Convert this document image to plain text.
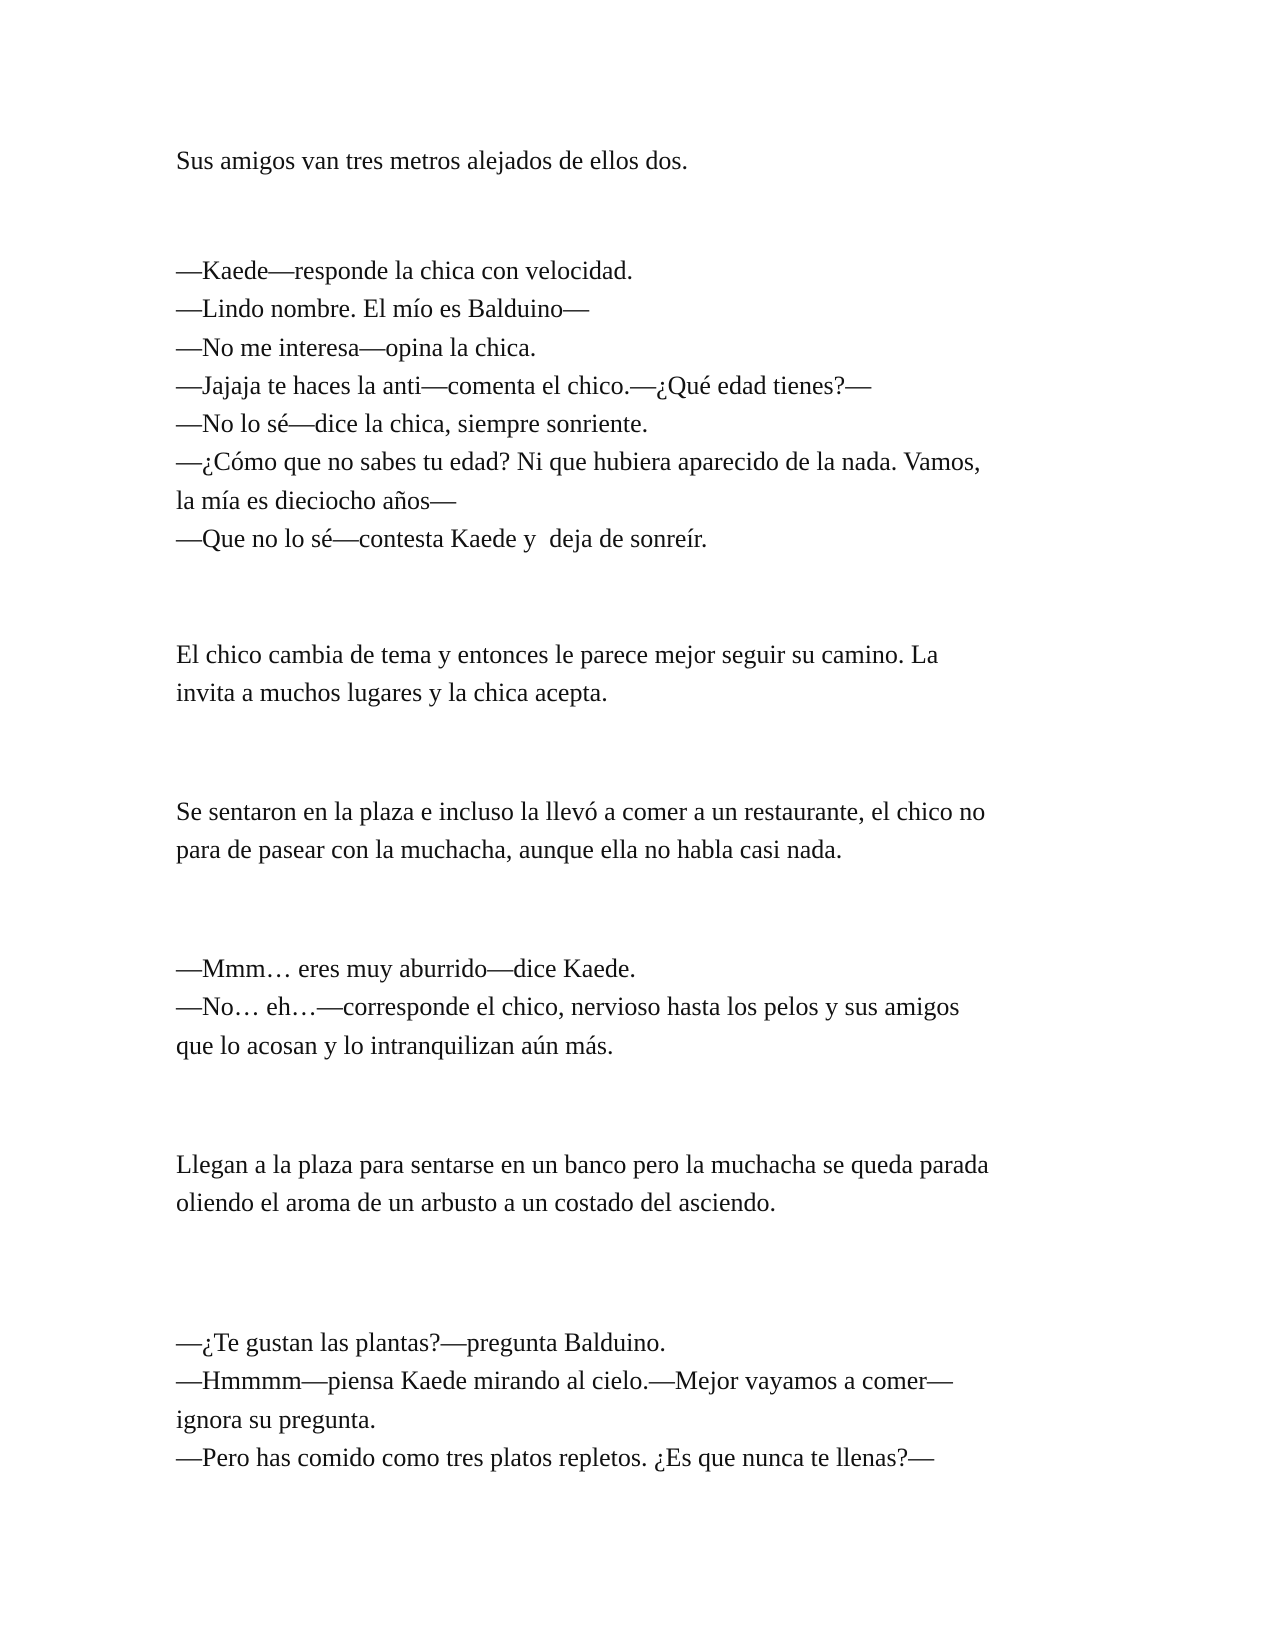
Sus amigos van tres metros alejados de ellos dos.
—Kaede—responde la chica con velocidad.
—Lindo nombre. El mío es Balduino—
—No me interesa—opina la chica.
—Jajaja te haces la anti—comenta el chico.—¿Qué edad tienes?—
—No lo sé—dice la chica, siempre sonriente.
—¿Cómo que no sabes tu edad? Ni que hubiera aparecido de la nada. Vamos,
la mía es dieciocho años—
—Que no lo sé—contesta Kaede y  deja de sonreír.
El chico cambia de tema y entonces le parece mejor seguir su camino. La
invita a muchos lugares y la chica acepta.
Se sentaron en la plaza e incluso la llevó a comer a un restaurante, el chico no
para de pasear con la muchacha, aunque ella no habla casi nada.
—Mmm… eres muy aburrido—dice Kaede.
—No… eh…—corresponde el chico, nervioso hasta los pelos y sus amigos
que lo acosan y lo intranquilizan aún más.
Llegan a la plaza para sentarse en un banco pero la muchacha se queda parada
oliendo el aroma de un arbusto a un costado del asciendo.
—¿Te gustan las plantas?—pregunta Balduino.
—Hmmmm—piensa Kaede mirando al cielo.—Mejor vayamos a comer—
ignora su pregunta.
—Pero has comido como tres platos repletos. ¿Es que nunca te llenas?—
